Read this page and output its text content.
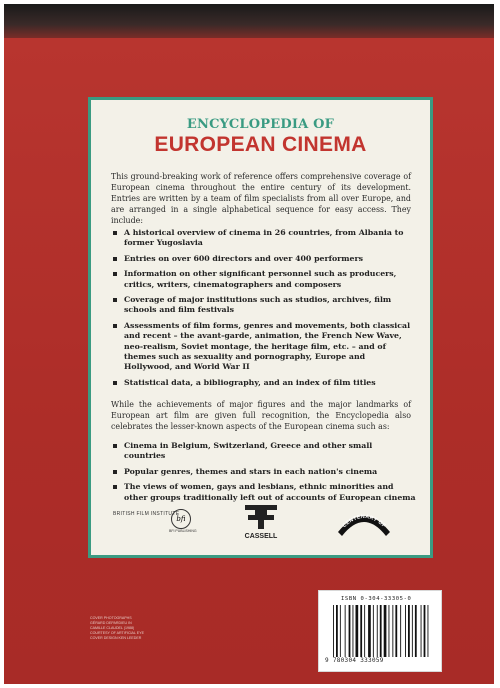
ENCYCLOPEDIA OF
EUROPEAN CINEMA
This ground-breaking work of reference offers comprehensive coverage of European cinema throughout the entire century of its development. Entries are written by a team of film specialists from all over Europe, and are arranged in a single alphabetical sequence for easy access. They include:
A historical overview of cinema in 26 countries, from Albania to former Yugoslavia
Entries on over 600 directors and over 400 performers
Information on other significant personnel such as producers, critics, writers, cinematographers and composers
Coverage of major institutions such as studios, archives, film schools and film festivals
Assessments of film forms, genres and movements, both classical and recent – the avant-garde, animation, the French New Wave, neo-realism, Soviet montage, the heritage film, etc. – and of themes such as sexuality and pornography, Europe and Hollywood, and World War II
Statistical data, a bibliography, and an index of film titles
While the achievements of major figures and the major landmarks of European art film are given full recognition, the Encyclopedia also celebrates the lesser-known aspects of the European cinema such as:
Cinema in Belgium, Switzerland, Greece and other small countries
Popular genres, themes and stars in each nation's cinema
The views of women, gays and lesbians, ethnic minorities and other groups traditionally left out of accounts of European cinema
BRITISH FILM INSTITUTE
bfi
BFI PUBLISHING
CASSELL
CENTENARY OF
COVER PHOTOGRAPHS
GÉRARD DEPARDIEU IN
CAMILLE CLAUDEL (1988)
COURTESY OF ARTIFICIAL EYE
COVER DESIGN KEN LEEDER
ISBN 0-304-33305-0
9 780304 333059
